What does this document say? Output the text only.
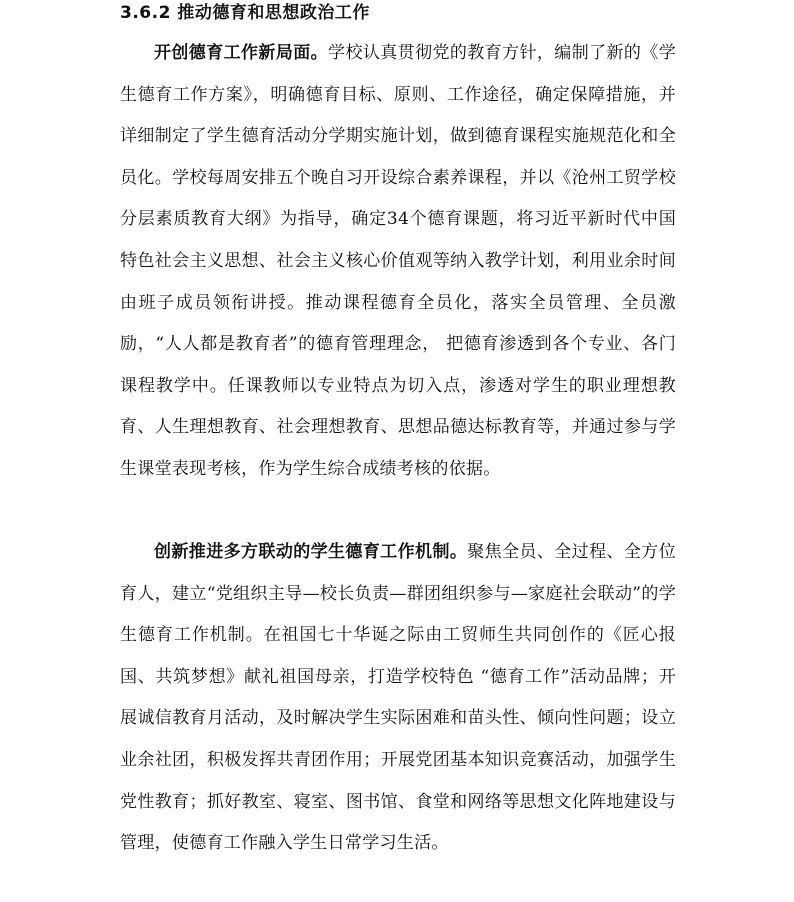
3.6.2 推动德育和思想政治工作

开创德育工作新局面。学校认真贯彻党的教育方针，编制了新的《学生德育工作方案》，明确德育目标、原则、工作途径，确定保障措施，并详细制定了学生德育活动分学期实施计划，做到德育课程实施规范化和全员化。学校每周安排五个晚自习开设综合素养课程，并以《沧州工贸学校分层素质教育大纲》为指导，确定34个德育课题，将习近平新时代中国特色社会主义思想、社会主义核心价值观等纳入教学计划，利用业余时间由班子成员领衔讲授。推动课程德育全员化，落实全员管理、全员激励，“人人都是教育者”的德育管理理念， 把德育渗透到各个专业、各门课程教学中。任课教师以专业特点为切入点，渗透对学生的职业理想教育、人生理想教育、社会理想教育、思想品德达标教育等，并通过参与学生课堂表现考核，作为学生综合成绩考核的依据。

创新推进多方联动的学生德育工作机制。聚焦全员、全过程、全方位育人，建立“党组织主导—校长负责—群团组织参与—家庭社会联动”的学生德育工作机制。在祖国七十华诞之际由工贸师生共同创作的《匠心报国、共筑梦想》献礼祖国母亲，打造学校特色 “德育工作”活动品牌；开展诚信教育月活动，及时解决学生实际困难和苗头性、倾向性问题；设立业余社团，积极发挥共青团作用；开展党团基本知识竞赛活动，加强学生党性教育；抓好教室、寝室、图书馆、食堂和网络等思想文化阵地建设与管理，使德育工作融入学生日常学习生活。
